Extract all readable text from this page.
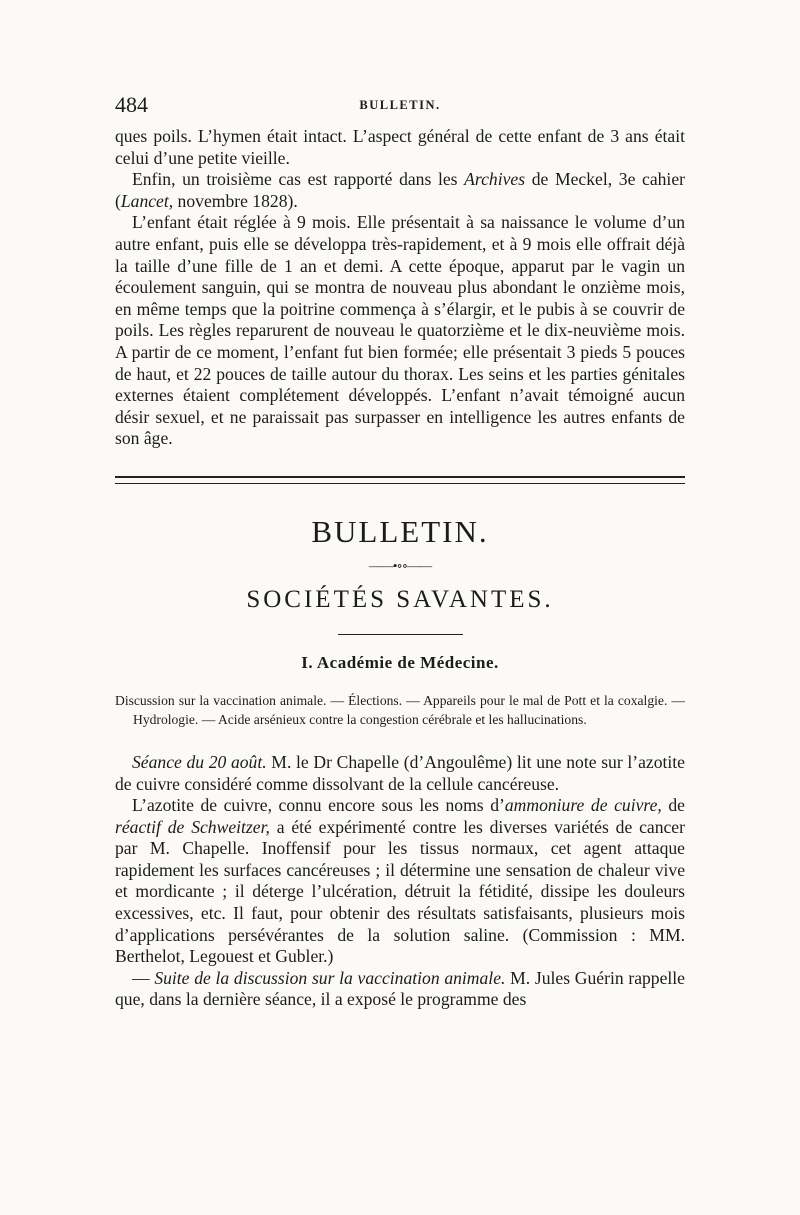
484	BULLETIN.

ques poils. L’hymen était intact. L’aspect général de cette enfant de 3 ans était celui d’une petite vieille.

Enfin, un troisième cas est rapporté dans les Archives de Meckel, 3e cahier (Lancet, novembre 1828).

L’enfant était réglée à 9 mois. Elle présentait à sa naissance le volume d’un autre enfant, puis elle se développa très-rapidement, et à 9 mois elle offrait déjà la taille d’une fille de 1 an et demi. A cette époque, apparut par le vagin un écoulement sanguin, qui se montra de nouveau plus abondant le onzième mois, en même temps que la poitrine commença à s’élargir, et le pubis à se couvrir de poils. Les règles reparurent de nouveau le quatorzième et le dix-neuvième mois. A partir de ce moment, l’enfant fut bien formée; elle présentait 3 pieds 5 pouces de haut, et 22 pouces de taille autour du thorax. Les seins et les parties génitales externes étaient complétement développés. L’enfant n’avait témoigné aucun désir sexuel, et ne paraissait pas surpasser en intelligence les autres enfants de son âge.

BULLETIN.
——•∘∘——
SOCIÉTÉS SAVANTES.
I. Académie de Médecine.

Discussion sur la vaccination animale. — Élections. — Appareils pour le mal de Pott et la coxalgie. — Hydrologie. — Acide arsénieux contre la congestion cérébrale et les hallucinations.

Séance du 20 août. M. le Dr Chapelle (d’Angoulême) lit une note sur l’azotite de cuivre considéré comme dissolvant de la cellule cancéreuse.

L’azotite de cuivre, connu encore sous les noms d’ammoniure de cuivre, de réactif de Schweitzer, a été expérimenté contre les diverses variétés de cancer par M. Chapelle. Inoffensif pour les tissus normaux, cet agent attaque rapidement les surfaces cancéreuses ; il détermine une sensation de chaleur vive et mordicante ; il déterge l’ulcération, détruit la fétidité, dissipe les douleurs excessives, etc. Il faut, pour obtenir des résultats satisfaisants, plusieurs mois d’applications persévérantes de la solution saline. (Commission : MM. Berthelot, Legouest et Gubler.)

— Suite de la discussion sur la vaccination animale. M. Jules Guérin rappelle que, dans la dernière séance, il a exposé le programme des
